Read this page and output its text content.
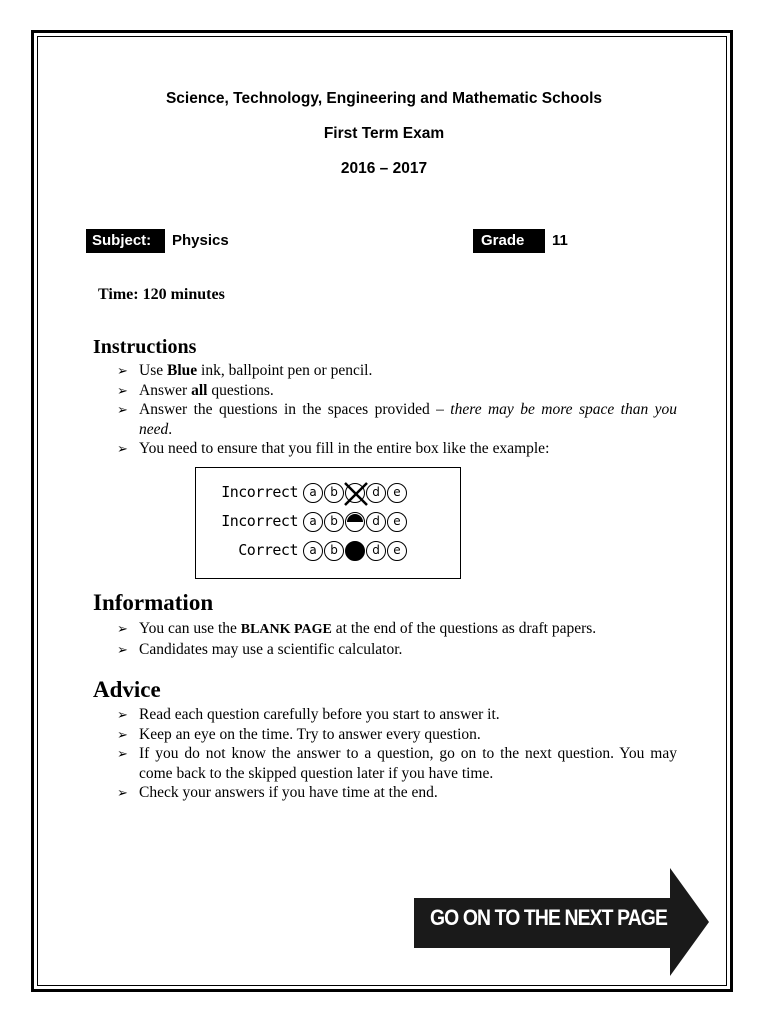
Science, Technology, Engineering and Mathematic Schools
First Term Exam
2016 – 2017
Subject:	Physics	Grade	11
Time: 120 minutes
Instructions
➢ Use Blue ink, ballpoint pen or pencil.
➢ Answer all questions.
➢ Answer the questions in the spaces provided – there may be more space than you need.
➢ You need to ensure that you fill in the entire box like the example:
Incorrect a	b	d	e
Incorrect a	b	d	e
Correct a	b	d	e
Information
➢ You can use the BLANK PAGE at the end of the questions as draft papers.
➢ Candidates may use a scientific calculator.
Advice
➢ Read each question carefully before you start to answer it.
➢ Keep an eye on the time. Try to answer every question.
➢ If you do not know the answer to a question, go on to the next question. You may come back to the skipped question later if you have time.
➢ Check your answers if you have time at the end.
GO ON TO THE NEXT PAGE
